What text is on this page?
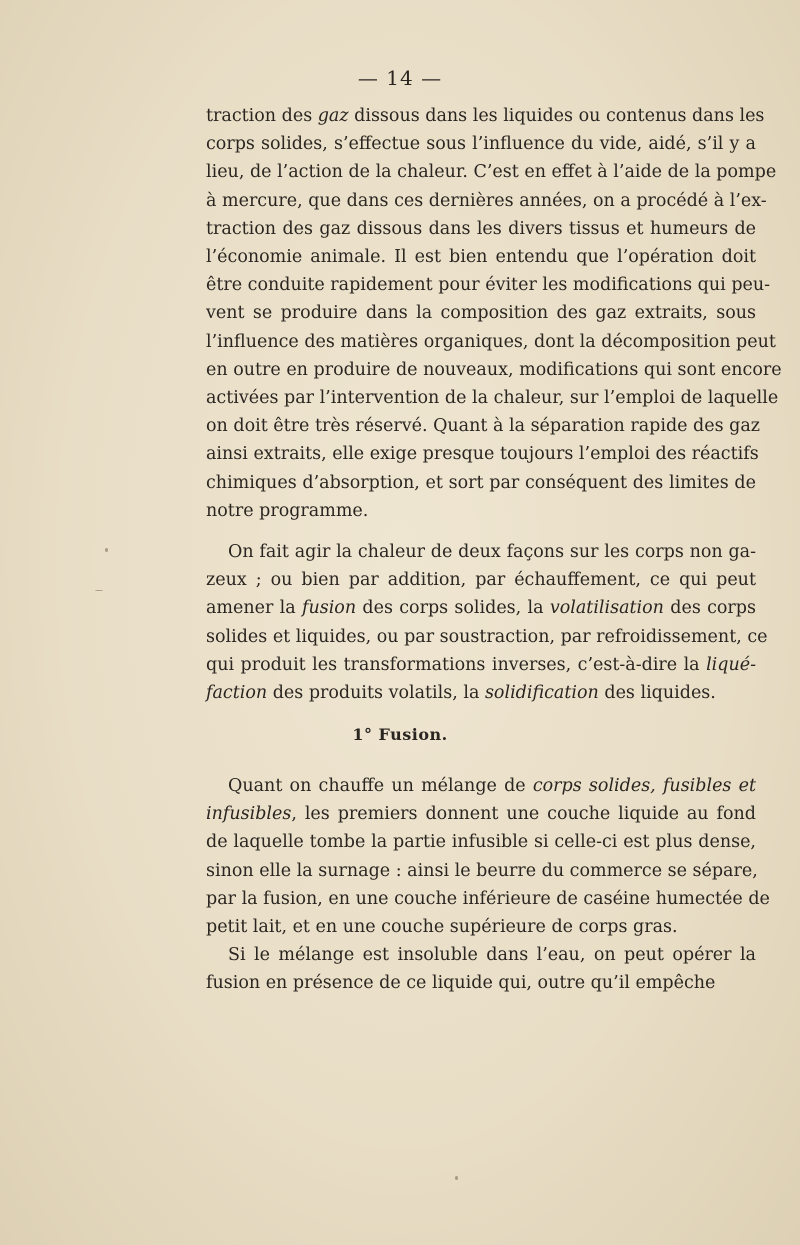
— 14 —
traction des gaz dissous dans les liquides ou contenus dans les
corps solides, s’effectue sous l’influence du vide, aidé, s’il y a
lieu, de l’action de la chaleur. C’est en effet à l’aide de la pompe
à mercure, que dans ces dernières années, on a procédé à l’ex-
traction des gaz dissous dans les divers tissus et humeurs de
l’économie animale. Il est bien entendu que l’opération doit
être conduite rapidement pour éviter les modifications qui peu-
vent se produire dans la composition des gaz extraits, sous
l’influence des matières organiques, dont la décomposition peut
en outre en produire de nouveaux, modifications qui sont encore
activées par l’intervention de la chaleur, sur l’emploi de laquelle
on doit être très réservé. Quant à la séparation rapide des gaz
ainsi extraits, elle exige presque toujours l’emploi des réactifs
chimiques d’absorption, et sort par conséquent des limites de
notre programme.
On fait agir la chaleur de deux façons sur les corps non ga-
zeux ; ou bien par addition, par échauffement, ce qui peut
amener la fusion des corps solides, la volatilisation des corps
solides et liquides, ou par soustraction, par refroidissement, ce
qui produit les transformations inverses, c’est-à-dire la liqué-
faction des produits volatils, la solidification des liquides.
1° Fusion.
Quant on chauffe un mélange de corps solides, fusibles et
infusibles, les premiers donnent une couche liquide au fond
de laquelle tombe la partie infusible si celle-ci est plus dense,
sinon elle la surnage : ainsi le beurre du commerce se sépare,
par la fusion, en une couche inférieure de caséine humectée de
petit lait, et en une couche supérieure de corps gras.
Si le mélange est insoluble dans l’eau, on peut opérer la
fusion en présence de ce liquide qui, outre qu’il empêche
